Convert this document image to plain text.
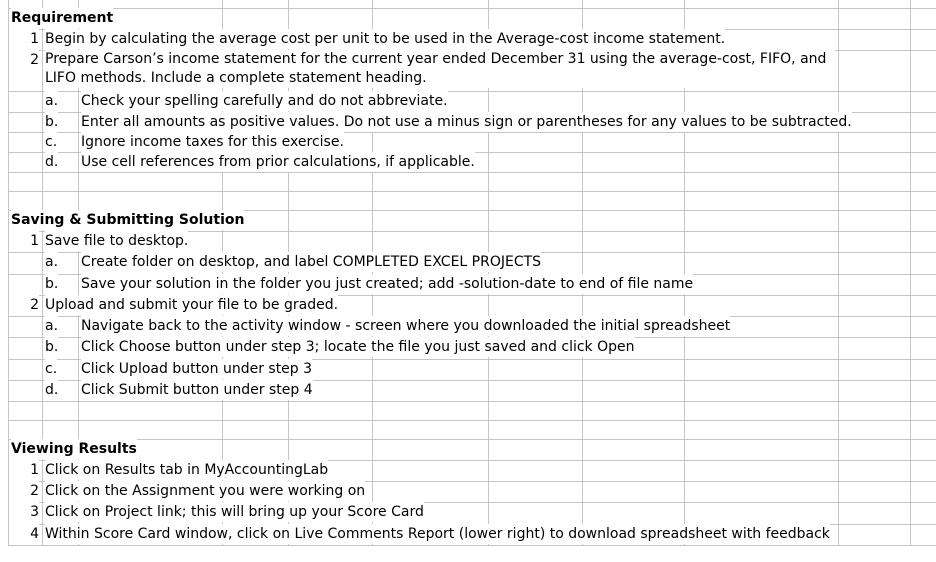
Requirement
1 Begin by calculating the average cost per unit to be used in the Average-cost income statement.
2 Prepare Carson’s income statement for the current year ended December 31 using the average-cost, FIFO, and LIFO methods. Include a complete statement heading.
a. Check your spelling carefully and do not abbreviate.
b. Enter all amounts as positive values. Do not use a minus sign or parentheses for any values to be subtracted.
c. Ignore income taxes for this exercise.
d. Use cell references from prior calculations, if applicable.
Saving & Submitting Solution
1 Save file to desktop.
a. Create folder on desktop, and label COMPLETED EXCEL PROJECTS
b. Save your solution in the folder you just created; add -solution-date to end of file name
2 Upload and submit your file to be graded.
a. Navigate back to the activity window - screen where you downloaded the initial spreadsheet
b. Click Choose button under step 3; locate the file you just saved and click Open
c. Click Upload button under step 3
d. Click Submit button under step 4
Viewing Results
1 Click on Results tab in MyAccountingLab
2 Click on the Assignment you were working on
3 Click on Project link; this will bring up your Score Card
4 Within Score Card window, click on Live Comments Report (lower right) to download spreadsheet with feedback
